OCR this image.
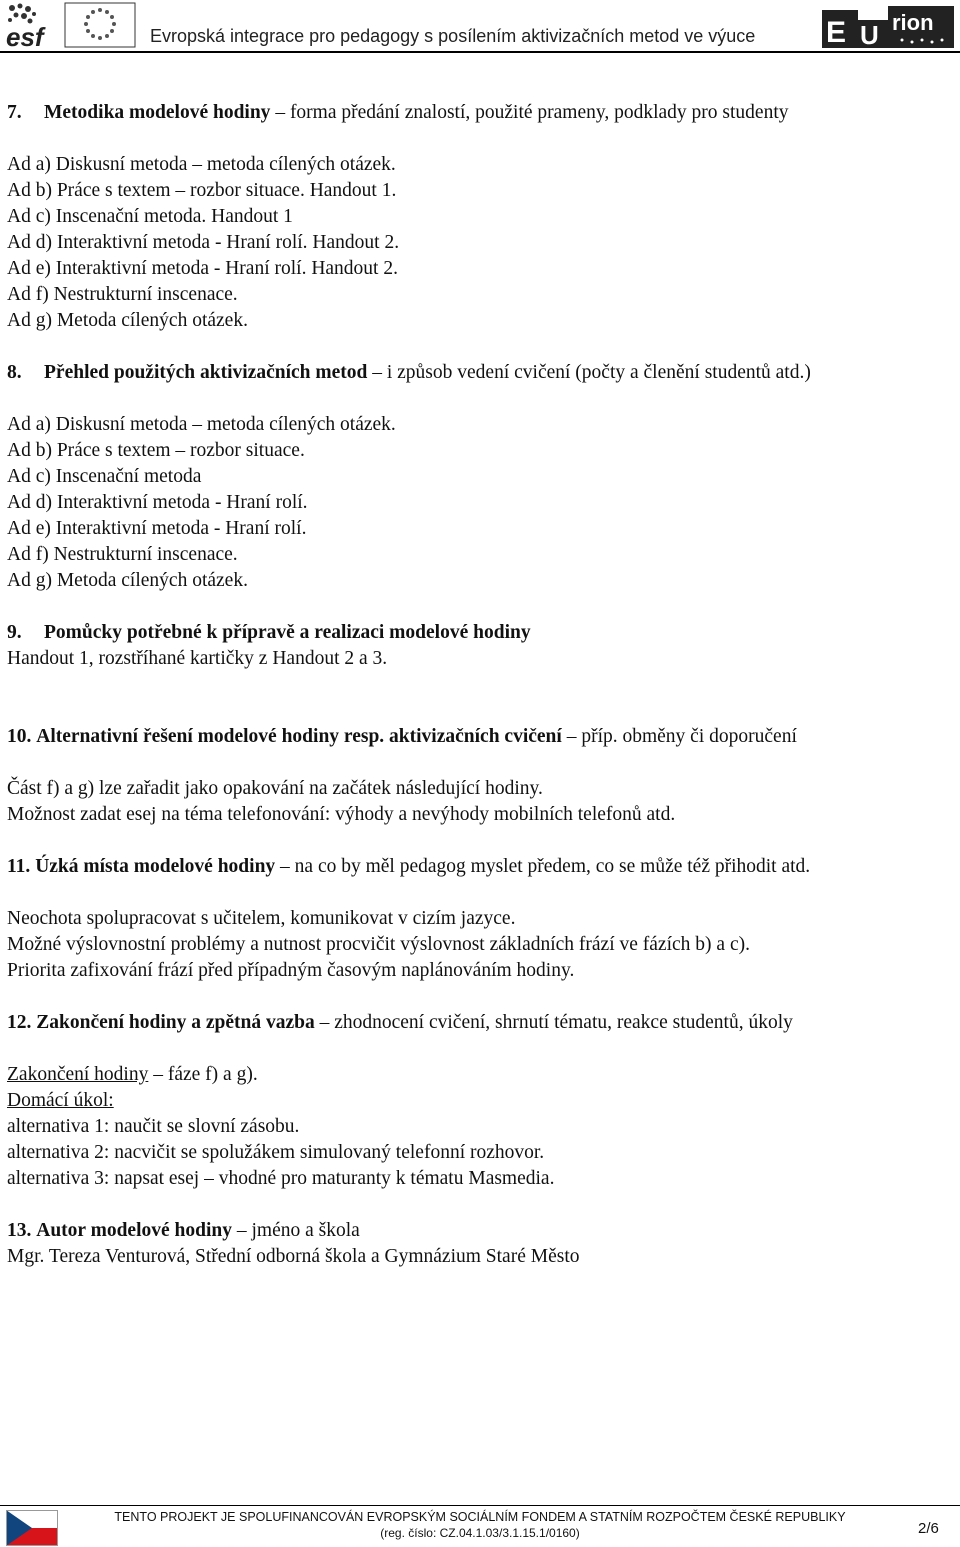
esf	Evropská integrace pro pedagogy s posílením aktivizačních metod ve výuce E U rion
7. Metodika modelové hodiny – forma předání znalostí, použité prameny, podklady pro studenty
Ad a) Diskusní metoda – metoda cílených otázek.
Ad b) Práce s textem – rozbor situace. Handout 1.
Ad c) Inscenační metoda. Handout 1
Ad d) Interaktivní metoda - Hraní rolí. Handout 2.
Ad e) Interaktivní metoda - Hraní rolí. Handout 2.
Ad f) Nestrukturní inscenace.
Ad g) Metoda cílených otázek.
8. Přehled použitých aktivizačních metod – i způsob vedení cvičení (počty a členění studentů atd.)
Ad a) Diskusní metoda – metoda cílených otázek.
Ad b) Práce s textem – rozbor situace.
Ad c) Inscenační metoda
Ad d) Interaktivní metoda - Hraní rolí.
Ad e) Interaktivní metoda - Hraní rolí.
Ad f) Nestrukturní inscenace.
Ad g) Metoda cílených otázek.
9. Pomůcky potřebné k přípravě a realizaci modelové hodiny
Handout 1, rozstříhané kartičky z Handout 2 a 3.
10. Alternativní řešení modelové hodiny resp. aktivizačních cvičení – příp. obměny či doporučení
Část f) a g) lze zařadit jako opakování na začátek následující hodiny.
Možnost zadat esej na téma telefonování: výhody a nevýhody mobilních telefonů atd.
11. Úzká místa modelové hodiny – na co by měl pedagog myslet předem, co se může též přihodit atd.
Neochota spolupracovat s učitelem, komunikovat v cizím jazyce.
Možné výslovnostní problémy a nutnost procvičit výslovnost základních frází ve fázích b) a c).
Priorita zafixování frází před případným časovým naplánováním hodiny.
12. Zakončení hodiny a zpětná vazba – zhodnocení cvičení, shrnutí tématu, reakce studentů, úkoly
Zakončení hodiny – fáze f) a g).
Domácí úkol:
alternativa 1: naučit se slovní zásobu.
alternativa 2: nacvičit se spolužákem simulovaný telefonní rozhovor.
alternativa 3: napsat esej – vhodné pro maturanty k tématu Masmedia.
13. Autor modelové hodiny – jméno a škola
Mgr. Tereza Venturová, Střední odborná škola a Gymnázium Staré Město
TENTO PROJEKT JE SPOLUFINANCOVÁN EVROPSKÝM SOCIÁLNÍM FONDEM A STATNÍM ROZPOČTEM ČESKÉ REPUBLIKY
(reg. číslo: CZ.04.1.03/3.1.15.1/0160)	2/6
